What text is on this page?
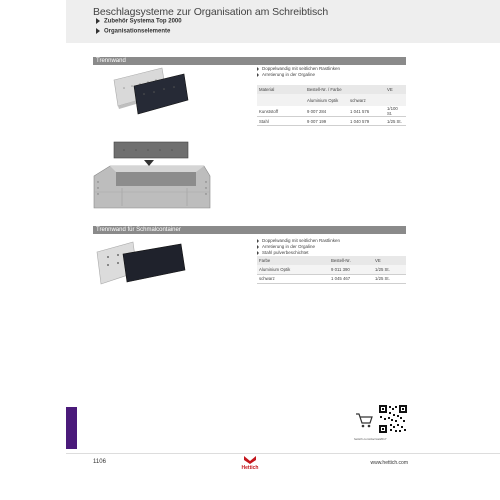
Beschlagsysteme zur Organisation am Schreibtisch
Zubehör Systema Top 2000
Organisationselemente
Trennwand
Doppelwandig mit seitlichen Rastlinken
Arretierung in der Orgaline
Material	Bestell-Nr. / Farbe		VE
	Aluminium Optik	schwarz	
Kunststoff	9 007 284	1 041 576	1/100 St.
Stahl	9 007 199	1 040 579	1/25 St.
Trennwand für Schmalcontainer
Doppelwandig mit seitlichen Rastlinken
Arretierung in der Orgaline
Stahl pulverbeschichtet
Farbe	Bestell-Nr.	VE
Aluminium Optik	9 011 390	1/25 St.
schwarz	1 045 467	1/25 St.
hettich.com/doc/cat2017
1106
Hettich
www.hettich.com
